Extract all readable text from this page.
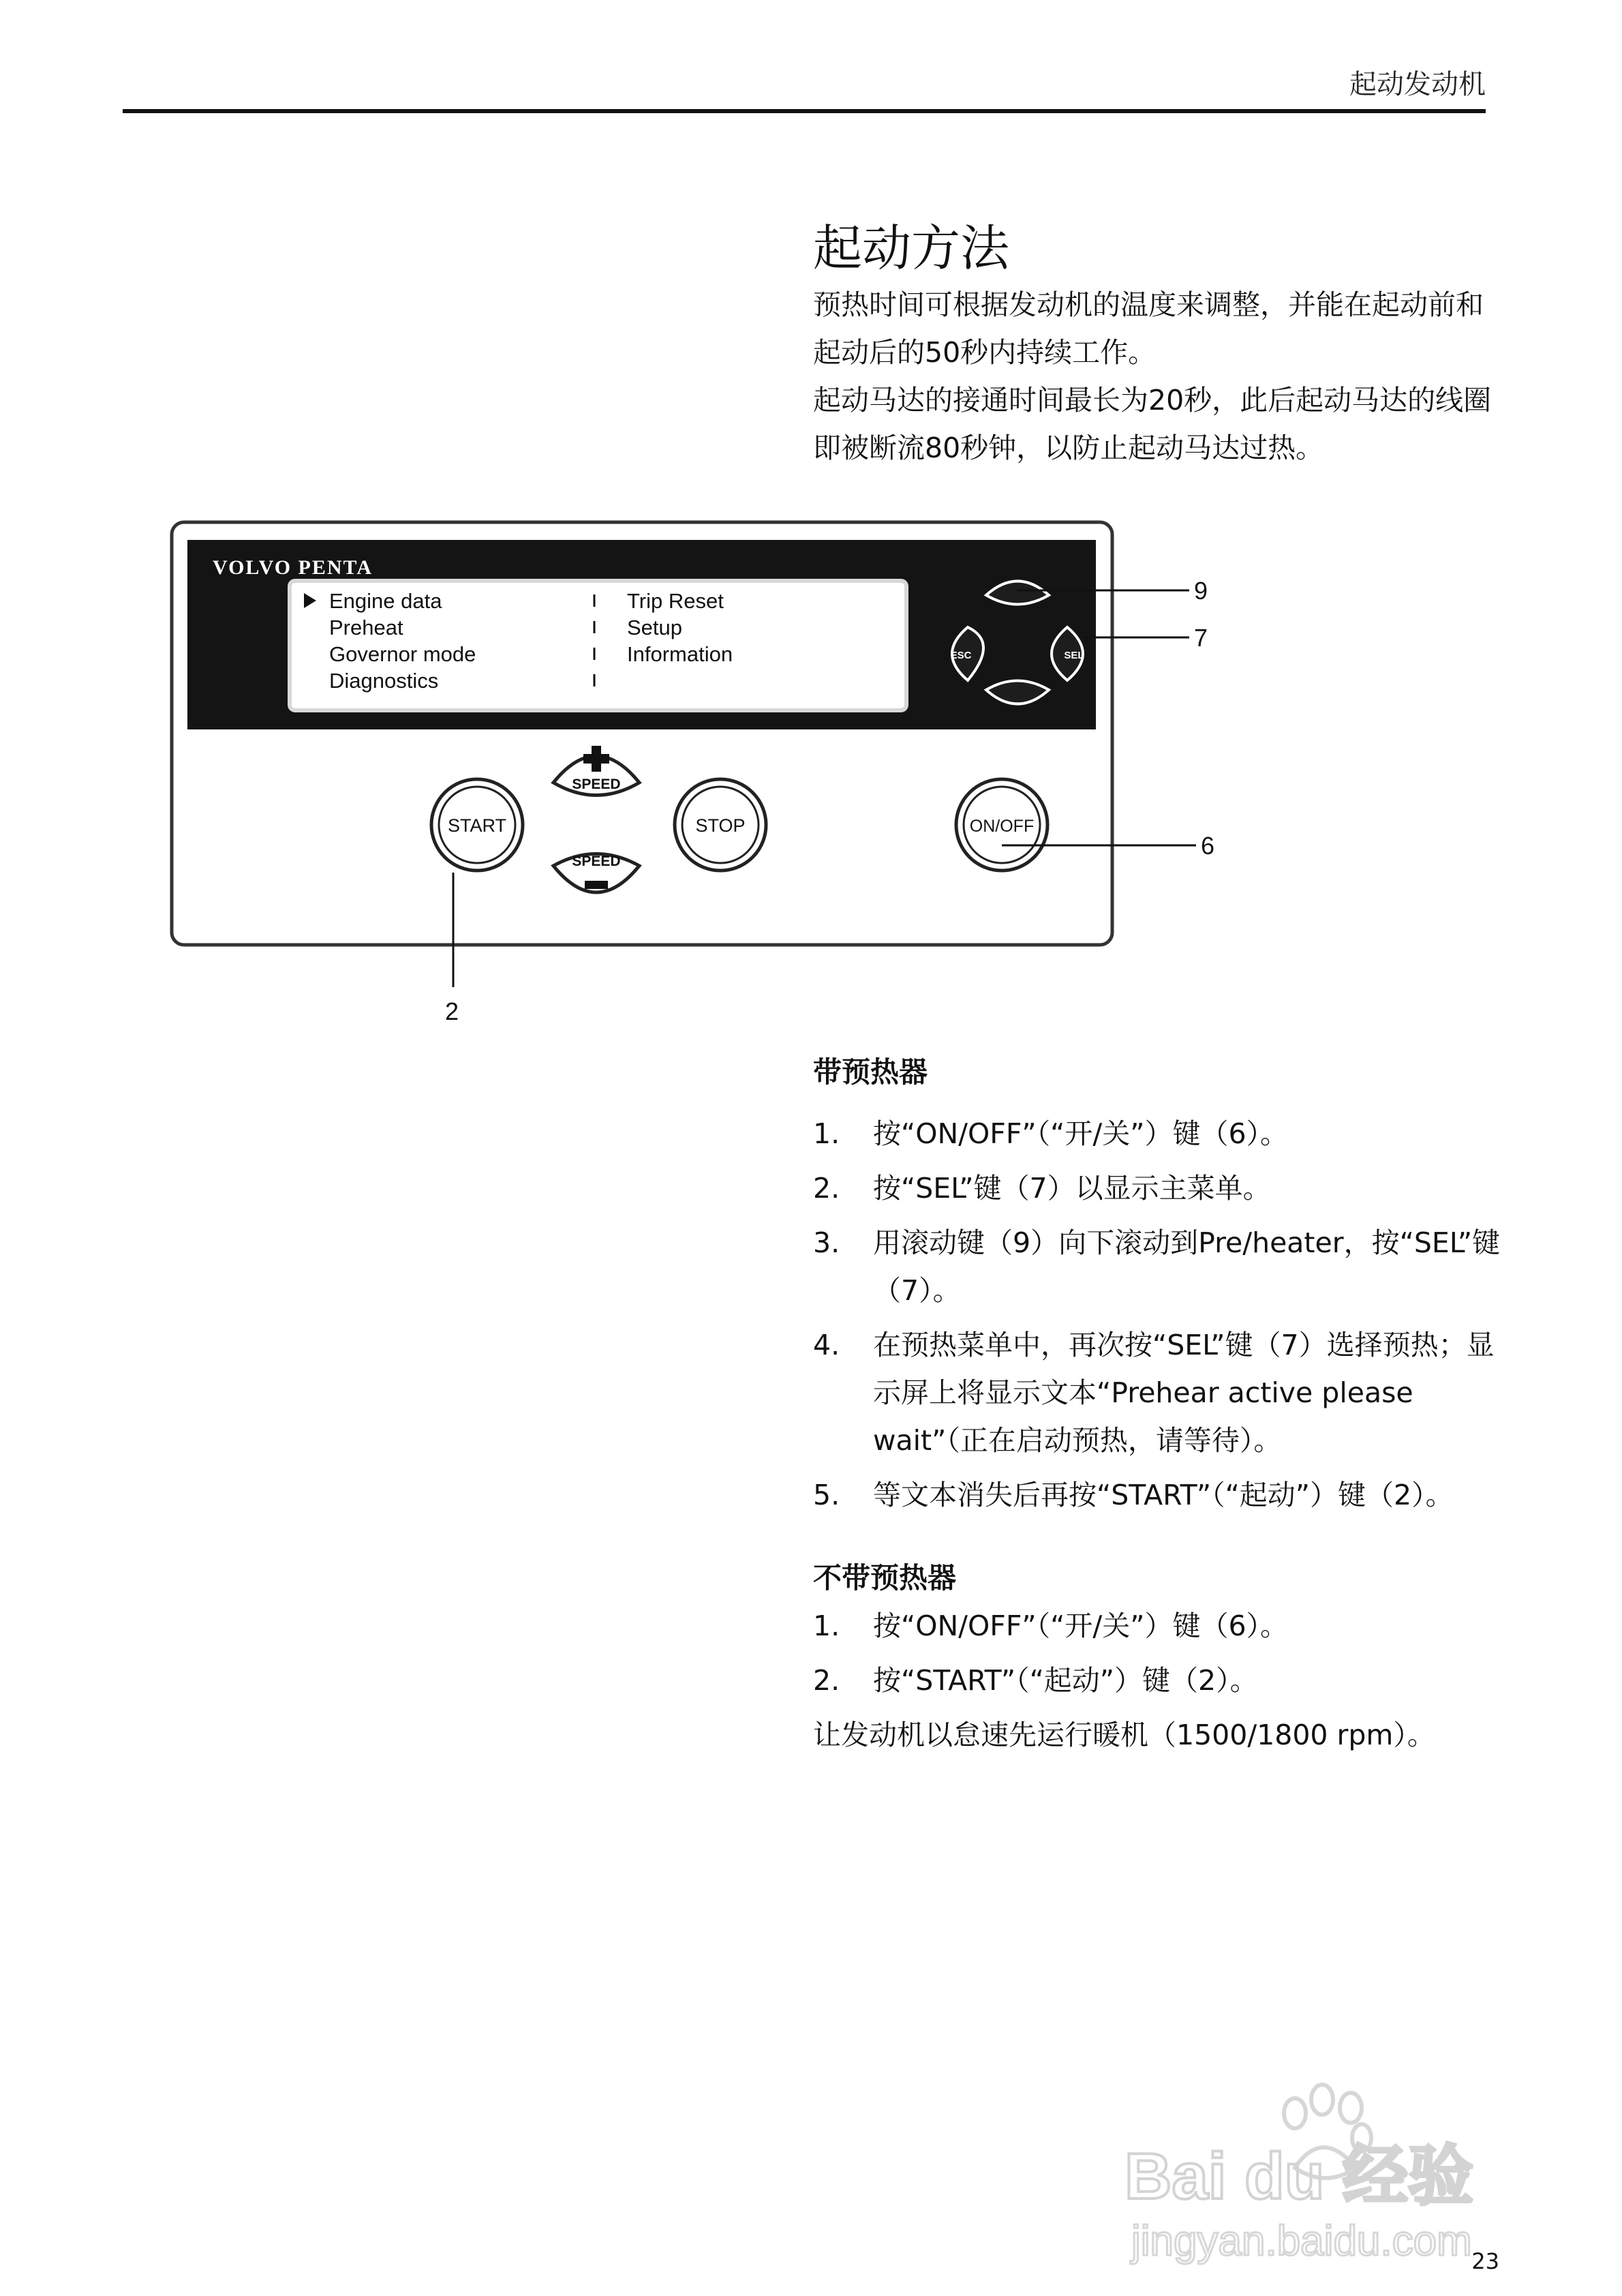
起动发动机
起动方法

预热时间可根据发动机的温度来调整，并能在起动前和起动后的50秒内持续工作。

起动马达的接通时间最长为20秒，此后起动马达的线圈即被断流80秒钟，以防止起动马达过热。

VOLVO PENTA
Engine data
Preheat
Governor mode
Diagnostics
Trip Reset
Setup
Information	ESC	SEL
START
SPEED
SPEED
STOP	ON/OFF
9
7
6
2
带预热器
1.	按“ON/OFF”（“开/关”）键（6）。
2.	按“SEL”键（7）以显示主菜单。
3.	用滚动键（9）向下滚动到Pre/heater，按“SEL”键（7）。
4.	在预热菜单中，再次按“SEL”键（7）选择预热；显示屏上将显示文本“Prehear active please wait”（正在启动预热，请等待）。
5.	等文本消失后再按“START”（“起动”）键（2）。
不带预热器
1.	按“ON/OFF”（“开/关”）键（6）。
2.	按“START”（“起动”）键（2）。

让发动机以怠速先运行暖机（1500/1800 rpm）。

Bai du 经验
jingyan.baidu.com 23
